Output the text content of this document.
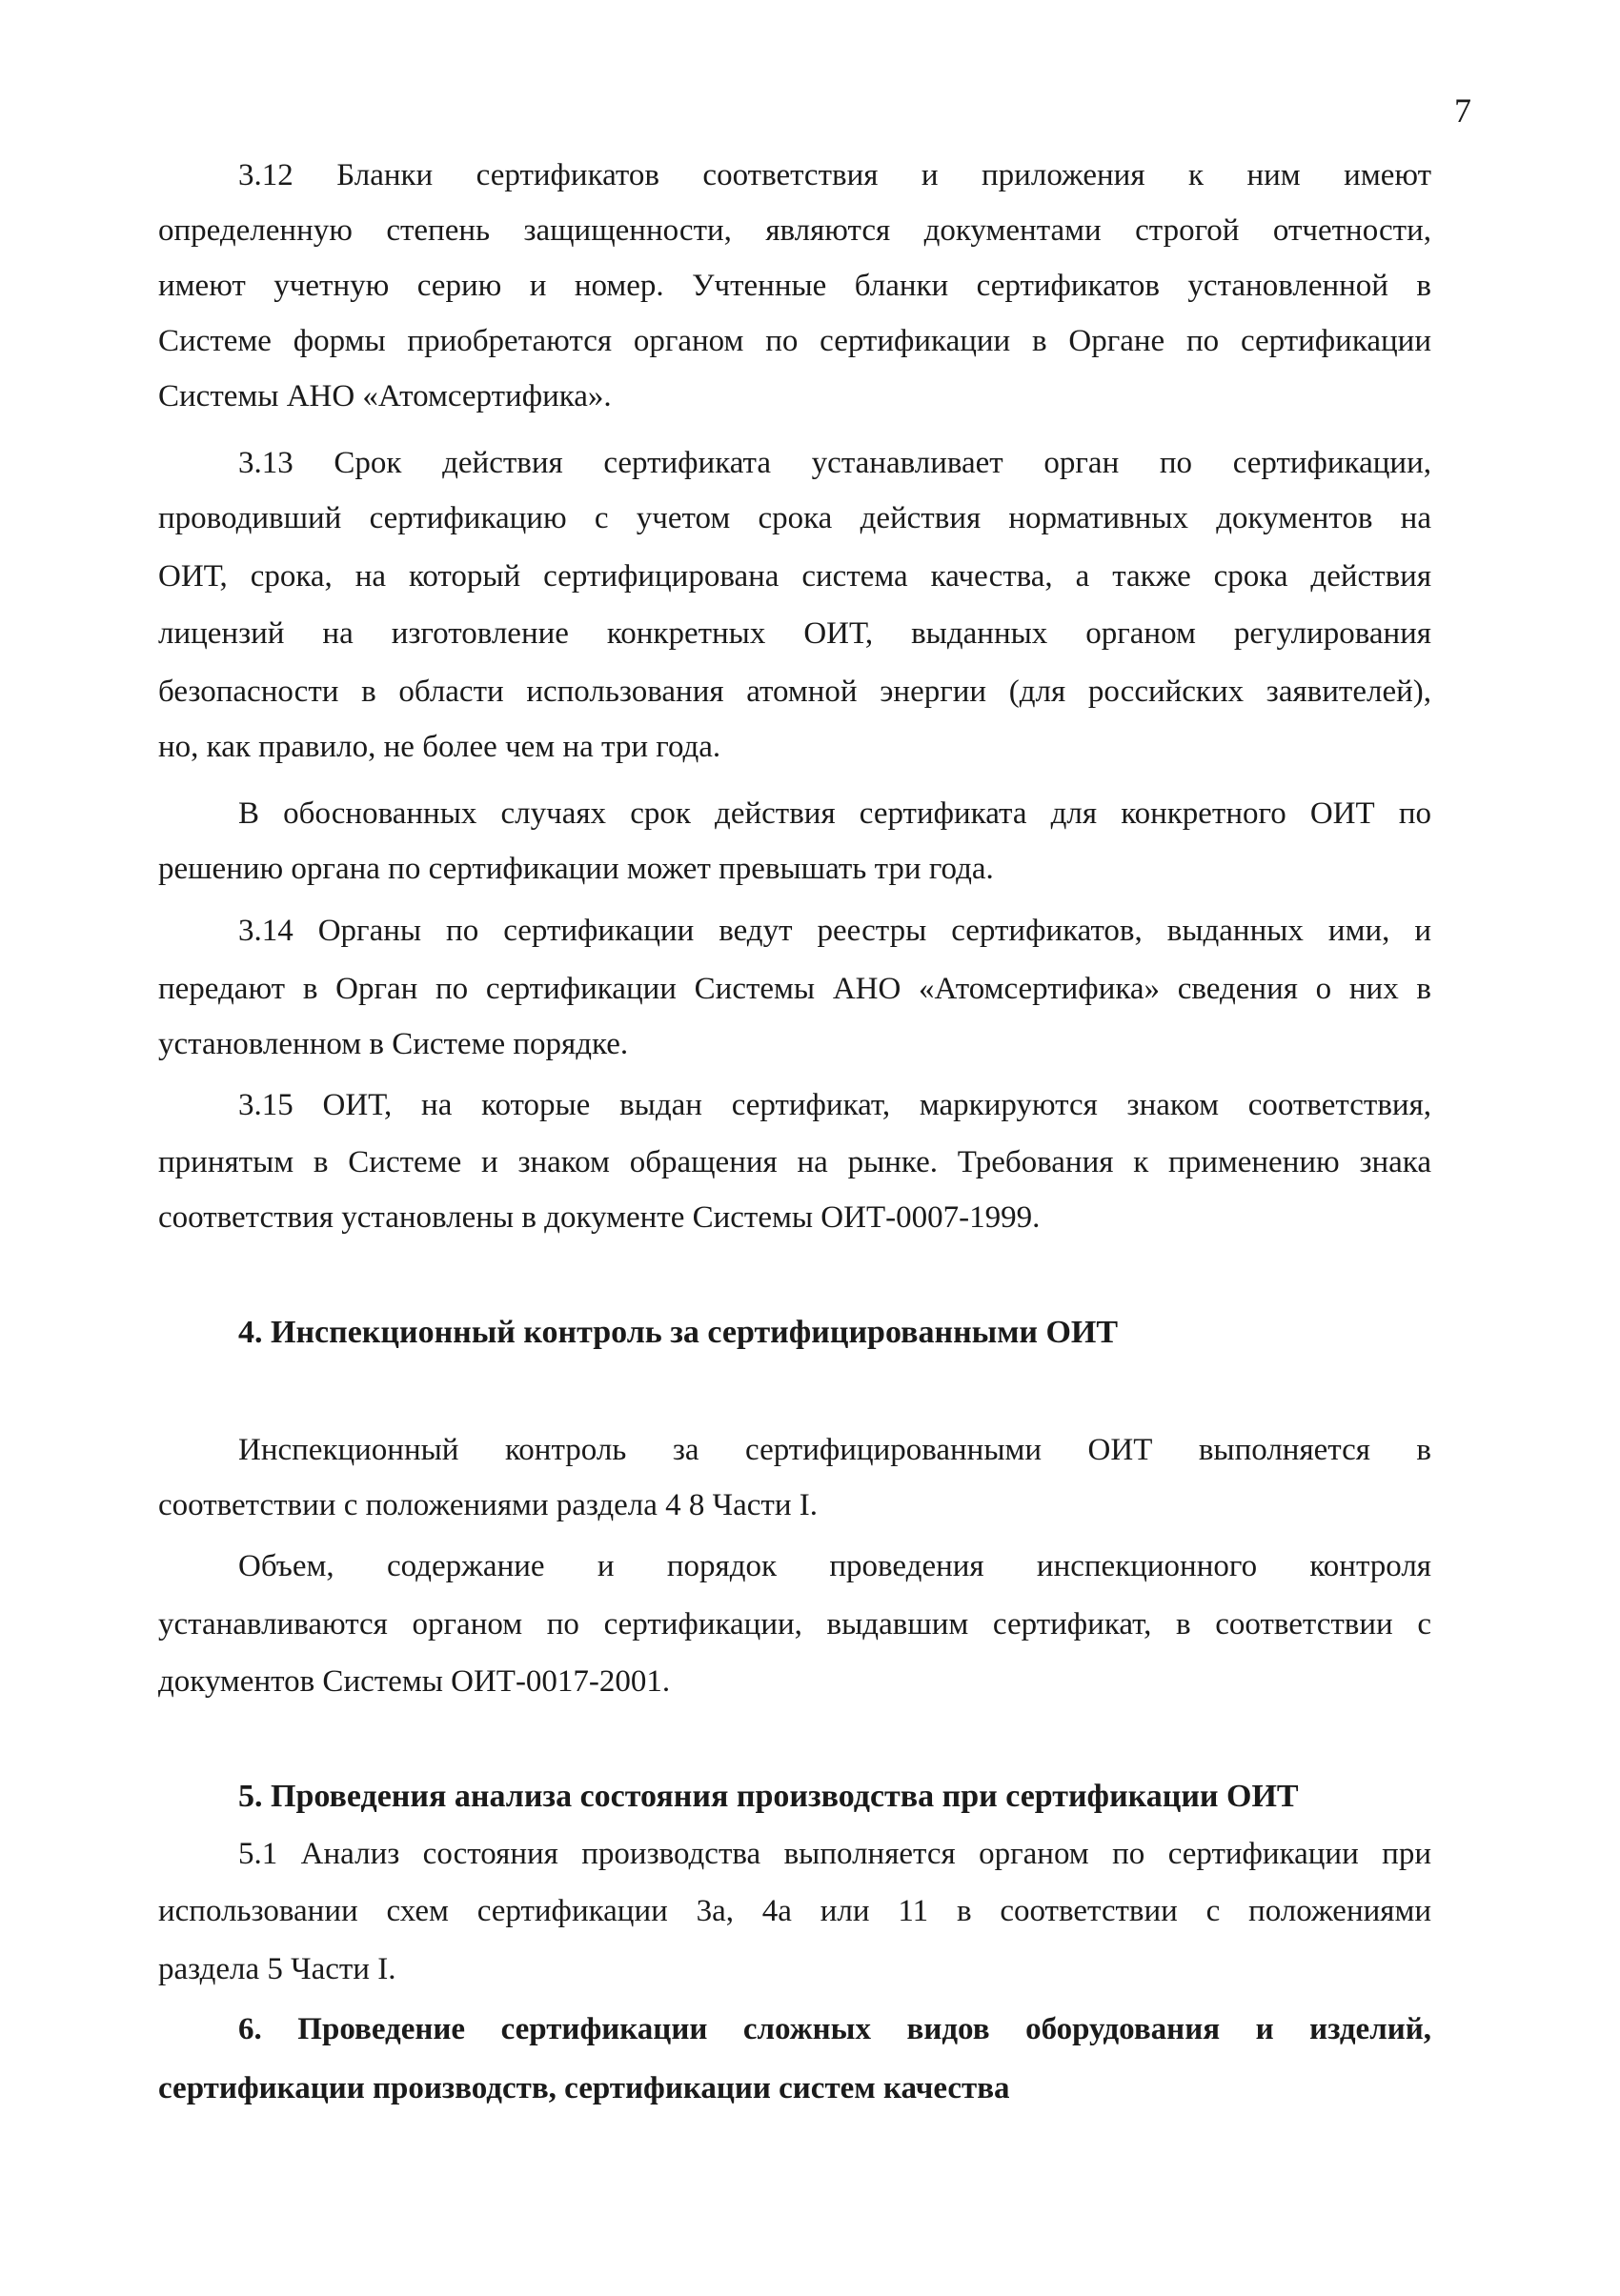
7
3.12 Бланки сертификатов соответствия и приложения к ним имеют
определенную степень защищенности, являются документами строгой отчетности,
имеют учетную серию и номер. Учтенные бланки сертификатов установленной в
Системе формы приобретаются органом по сертификации в Органе по сертификации
Системы АНО «Атомсертифика».
3.13 Срок действия сертификата устанавливает орган по сертификации,
проводивший сертификацию с учетом срока действия нормативных документов на
ОИТ, срока, на который сертифицирована система качества, а также срока действия
лицензий на изготовление конкретных ОИТ, выданных органом регулирования
безопасности в области использования атомной энергии (для российских заявителей),
но, как правило, не более чем на три года.
В обоснованных случаях срок действия сертификата для конкретного ОИТ по
решению органа по сертификации может превышать три года.
3.14 Органы по сертификации ведут реестры сертификатов, выданных ими, и
передают в Орган по сертификации Системы АНО «Атомсертифика» сведения о них в
установленном в Системе порядке.
3.15 ОИТ, на которые выдан сертификат, маркируются знаком соответствия,
принятым в Системе и знаком обращения на рынке. Требования к применению знака
соответствия установлены в документе Системы ОИТ-0007-1999.
4. Инспекционный контроль за сертифицированными ОИТ
Инспекционный контроль за сертифицированными ОИТ выполняется в
соответствии с положениями раздела 4 8 Части I.
Объем, содержание и порядок проведения инспекционного контроля
устанавливаются органом по сертификации, выдавшим сертификат, в соответствии с
документов Системы ОИТ-0017-2001.
5. Проведения анализа состояния производства при сертификации ОИТ
5.1 Анализ состояния производства выполняется органом по сертификации при
использовании схем сертификации 3а, 4а или 11 в соответствии с положениями
раздела 5 Части I.
6. Проведение сертификации сложных видов оборудования и изделий,
сертификации производств, сертификации систем качества
